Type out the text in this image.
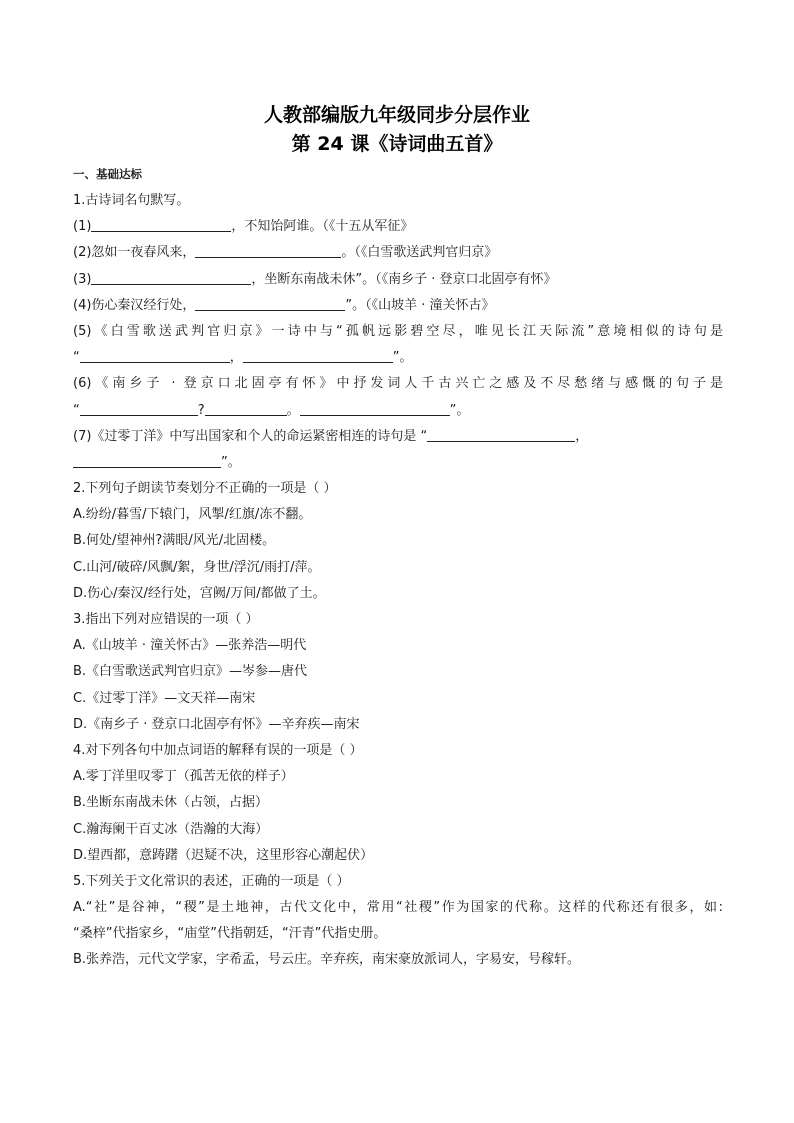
人教部编版九年级同步分层作业
第 24 课《诗词曲五首》
一、基础达标
1.古诗词名句默写。
(1)	，不知饴阿谁。（《十五从军征》
(2)忽如一夜春风来，	。（《白雪歌送武判官归京》
(3)	，坐断东南战未休”。（《南乡子 · 登京口北固亭有怀》
(4)伤心秦汉经行处，	”。（《山坡羊 · 潼关怀古》
(5)《白雪歌送武判官归京》一诗中与“孤帆远影碧空尽，唯见长江天际流”意境相似的诗句是
“	，	”。
(6)《南乡子 · 登京口北固亭有怀》中抒发词人千古兴亡之感及不尽愁绪与感慨的句子是
“	?	。	”。
(7)《过零丁洋》中写出国家和个人的命运紧密相连的诗句是 “	，
”。
2.下列句子朗读节奏划分不正确的一项是（ ）
A.纷纷/暮雪/下辕门，风掣/红旗/冻不翻。
B.何处/望神州?满眼/风光/北固楼。
C.山河/破碎/风飘/絮，身世/浮沉/雨打/萍。
D.伤心/秦汉/经行处，宫阙/万间/都做了土。
3.指出下列对应错误的一项（ ）
A.《山坡羊 · 潼关怀古》—张养浩—明代
B.《白雪歌送武判官归京》—岑参—唐代
C.《过零丁洋》—文天祥—南宋
D.《南乡子 · 登京口北固亭有怀》—辛弃疾—南宋
4.对下列各句中加点词语的解释有误的一项是（ ）
A.零丁洋里叹零丁（孤苦无依的样子）
B.坐断东南战未休（占领，占据）
C.瀚海阑干百丈冰（浩瀚的大海）
D.望西都，意踌躇（迟疑不决，这里形容心潮起伏）
5.下列关于文化常识的表述，正确的一项是（ ）
A.“社”是谷神，“稷”是土地神，古代文化中，常用“社稷”作为国家的代称。这样的代称还有很多，如:
“桑梓”代指家乡，“庙堂”代指朝廷，“汗青”代指史册。
B.张养浩，元代文学家，字希孟，号云庄。辛弃疾，南宋豪放派词人，字易安，号稼轩。
